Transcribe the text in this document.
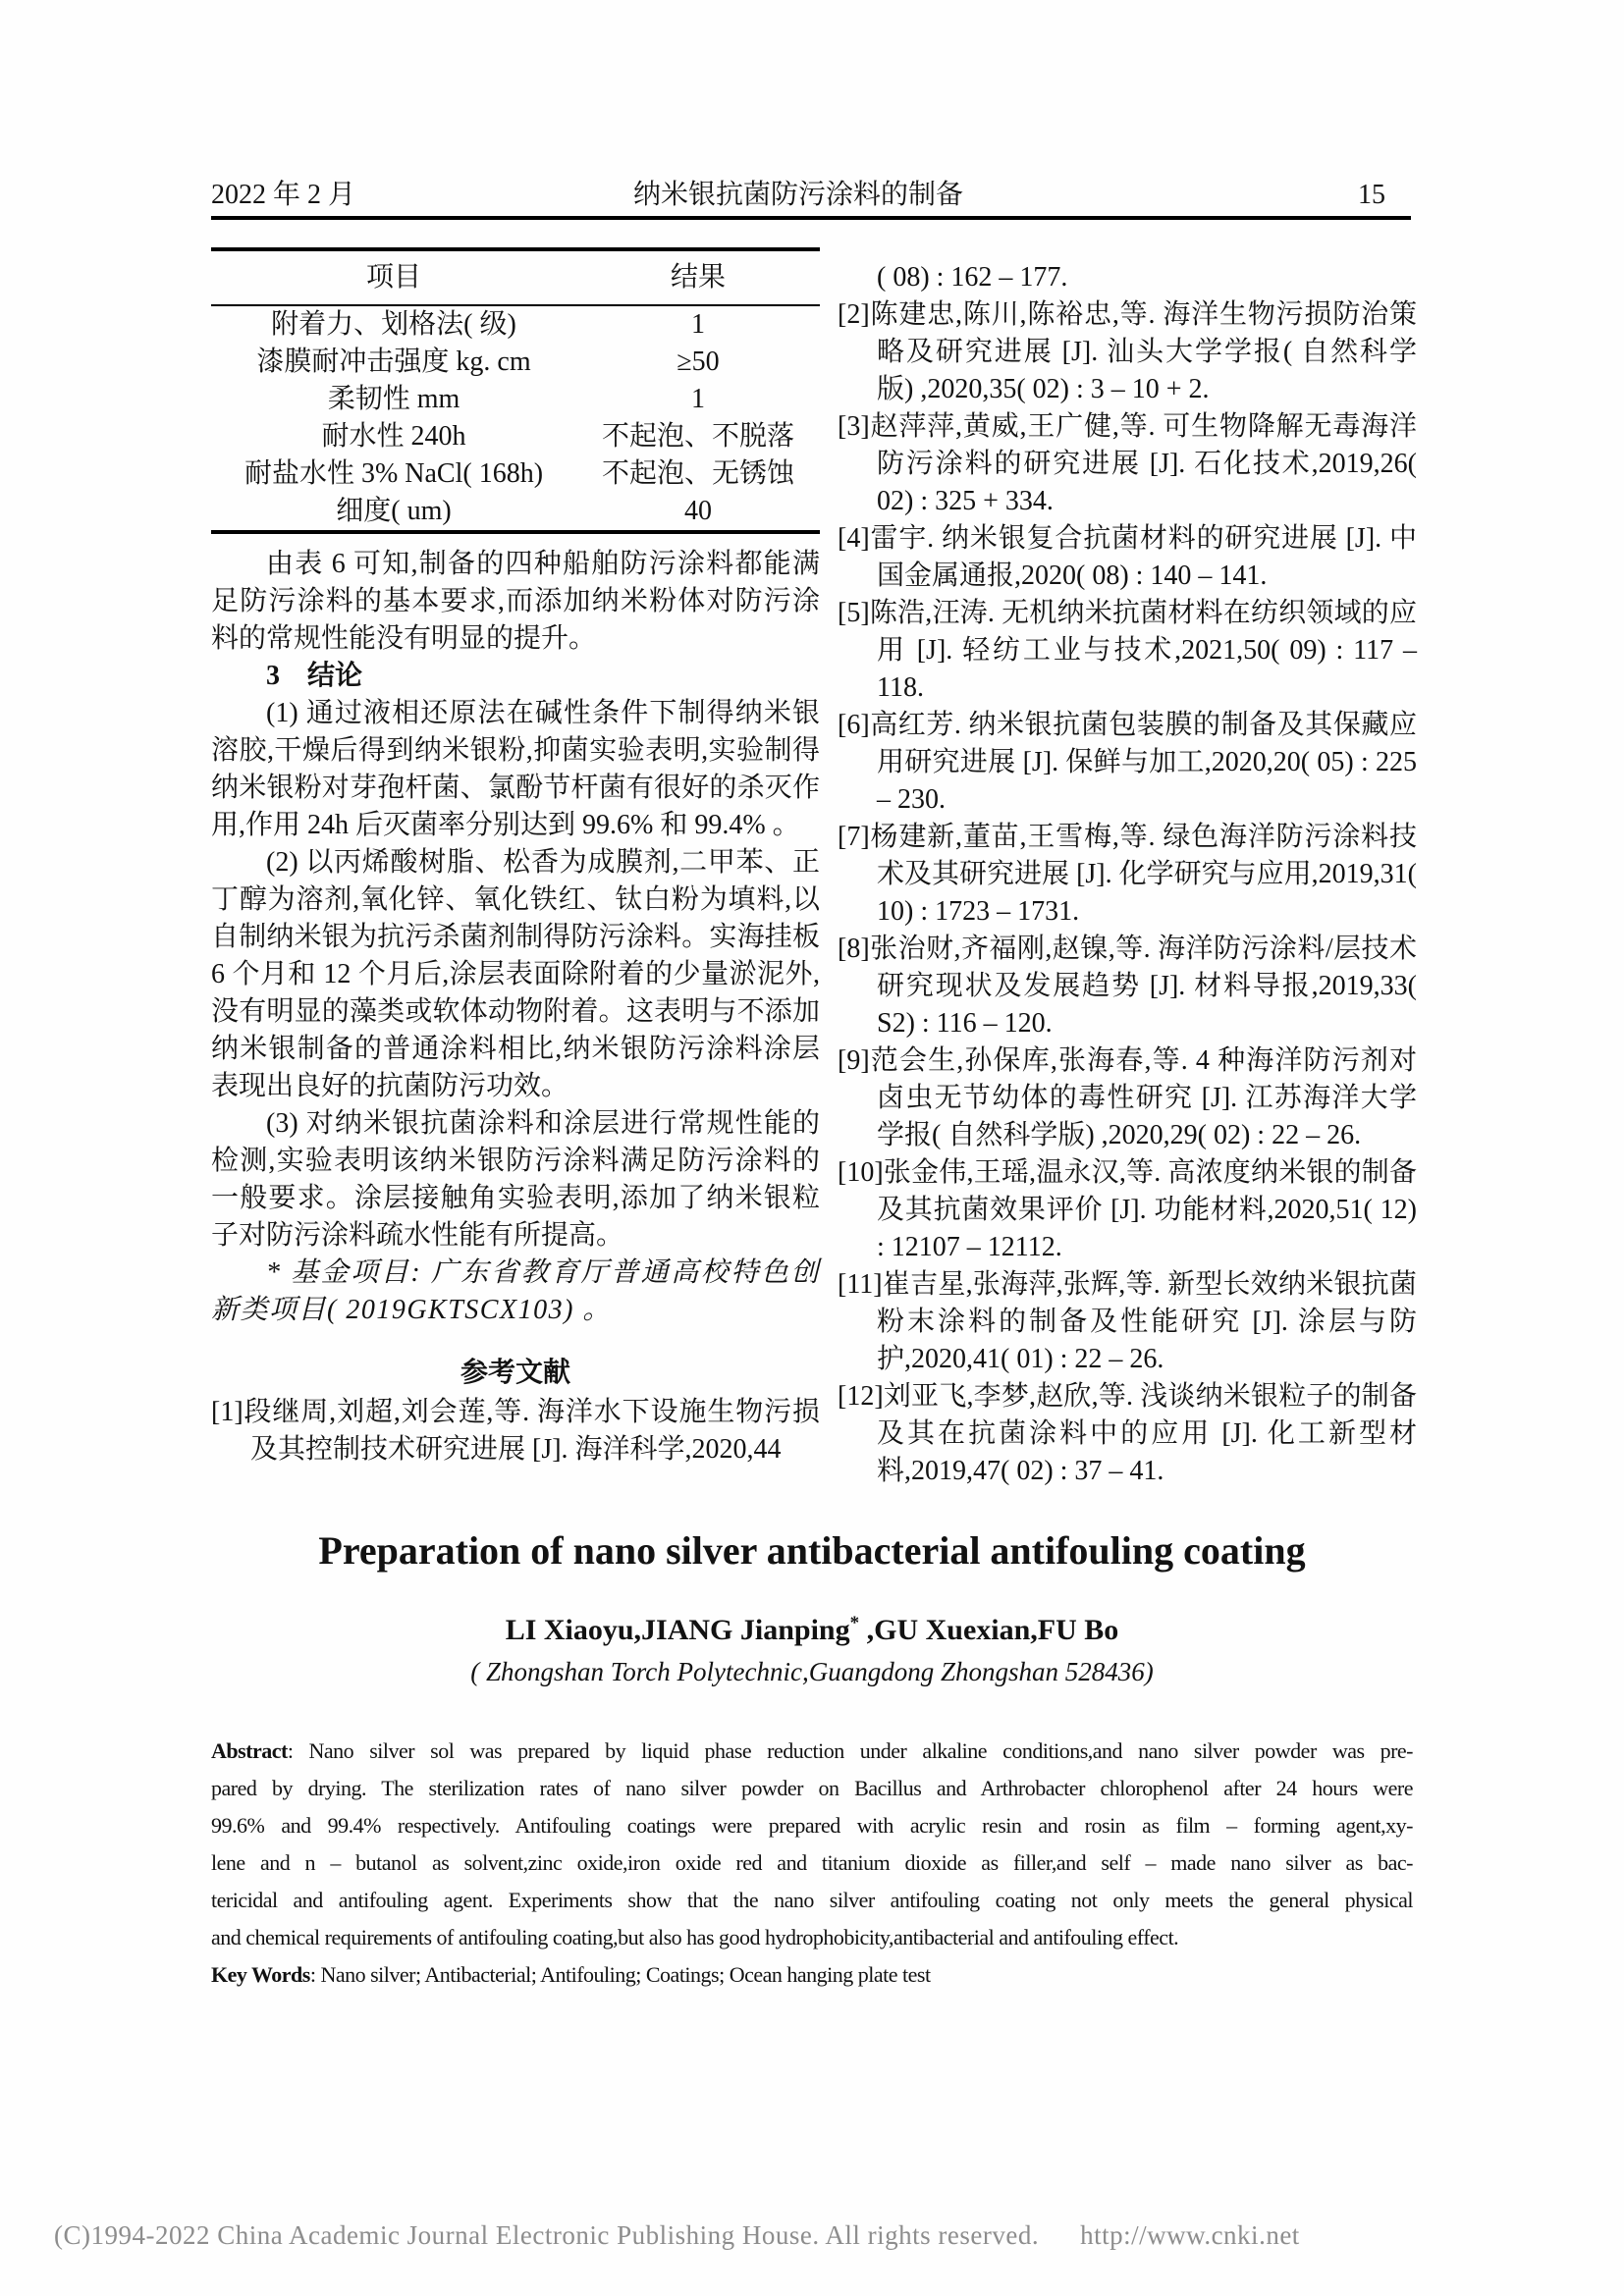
2022 年 2 月	纳米银抗菌防污涂料的制备	15
项目	结果
附着力、划格法( 级)	1
漆膜耐冲击强度 kg. cm	≥50
柔韧性 mm	1
耐水性 240h	不起泡、不脱落
耐盐水性 3% NaCl( 168h)	不起泡、无锈蚀
细度( um)	40

由表 6 可知,制备的四种船舶防污涂料都能满足防污涂料的基本要求,而添加纳米粉体对防污涂料的常规性能没有明显的提升。

3　结论

(1) 通过液相还原法在碱性条件下制得纳米银溶胶,干燥后得到纳米银粉,抑菌实验表明,实验制得纳米银粉对芽孢杆菌、氯酚节杆菌有很好的杀灭作用,作用 24h 后灭菌率分别达到 99.6% 和 99.4% 。

(2) 以丙烯酸树脂、松香为成膜剂,二甲苯、正丁醇为溶剂,氧化锌、氧化铁红、钛白粉为填料,以自制纳米银为抗污杀菌剂制得防污涂料。实海挂板 6 个月和 12 个月后,涂层表面除附着的少量淤泥外,没有明显的藻类或软体动物附着。这表明与不添加纳米银制备的普通涂料相比,纳米银防污涂料涂层表现出良好的抗菌防污功效。

(3) 对纳米银抗菌涂料和涂层进行常规性能的检测,实验表明该纳米银防污涂料满足防污涂料的一般要求。涂层接触角实验表明,添加了纳米银粒子对防污涂料疏水性能有所提高。

* 基金项目: 广东省教育厅普通高校特色创新类项目( 2019GKTSCX103) 。

参考文献
[1]段继周,刘超,刘会莲,等. 海洋水下设施生物污损及其控制技术研究进展 [J]. 海洋科学,2020,44
( 08) : 162 – 177.
[2]陈建忠,陈川,陈裕忠,等. 海洋生物污损防治策略及研究进展 [J]. 汕头大学学报( 自然科学版) ,2020,35( 02) : 3 – 10 + 2.
[3]赵萍萍,黄威,王广健,等. 可生物降解无毒海洋防污涂料的研究进展 [J]. 石化技术,2019,26( 02) : 325 + 334.
[4]雷宇. 纳米银复合抗菌材料的研究进展 [J]. 中国金属通报,2020( 08) : 140 – 141.
[5]陈浩,汪涛. 无机纳米抗菌材料在纺织领域的应用 [J]. 轻纺工业与技术,2021,50( 09) : 117 – 118.
[6]高红芳. 纳米银抗菌包装膜的制备及其保藏应用研究进展 [J]. 保鲜与加工,2020,20( 05) : 225 – 230.
[7]杨建新,董苗,王雪梅,等. 绿色海洋防污涂料技术及其研究进展 [J]. 化学研究与应用,2019,31( 10) : 1723 – 1731.
[8]张治财,齐福刚,赵镍,等. 海洋防污涂料/层技术研究现状及发展趋势 [J]. 材料导报,2019,33( S2) : 116 – 120.
[9]范会生,孙保库,张海春,等. 4 种海洋防污剂对卤虫无节幼体的毒性研究 [J]. 江苏海洋大学学报( 自然科学版) ,2020,29( 02) : 22 – 26.
[10]张金伟,王瑶,温永汉,等. 高浓度纳米银的制备及其抗菌效果评价 [J]. 功能材料,2020,51( 12) : 12107 – 12112.
[11]崔吉星,张海萍,张辉,等. 新型长效纳米银抗菌粉末涂料的制备及性能研究 [J]. 涂层与防护,2020,41( 01) : 22 – 26.
[12]刘亚飞,李梦,赵欣,等. 浅谈纳米银粒子的制备及其在抗菌涂料中的应用 [J]. 化工新型材料,2019,47( 02) : 37 – 41.
Preparation of nano silver antibacterial antifouling coating
LI Xiaoyu,JIANG Jianping* ,GU Xuexian,FU Bo
( Zhongshan Torch Polytechnic,Guangdong Zhongshan 528436)
Abstract: Nano silver sol was prepared by liquid phase reduction under alkaline conditions,and nano silver powder was pre-
pared by drying. The sterilization rates of nano silver powder on Bacillus and Arthrobacter chlorophenol after 24 hours were
99.6% and 99.4% respectively. Antifouling coatings were prepared with acrylic resin and rosin as film – forming agent,xy-
lene and n – butanol as solvent,zinc oxide,iron oxide red and titanium dioxide as filler,and self – made nano silver as bac-
tericidal and antifouling agent. Experiments show that the nano silver antifouling coating not only meets the general physical
and chemical requirements of antifouling coating,but also has good hydrophobicity,antibacterial and antifouling effect.
Key Words: Nano silver; Antibacterial; Antifouling; Coatings; Ocean hanging plate test
(C)1994-2022 China Academic Journal Electronic Publishing House. All rights reserved. http://www.cnki.net
